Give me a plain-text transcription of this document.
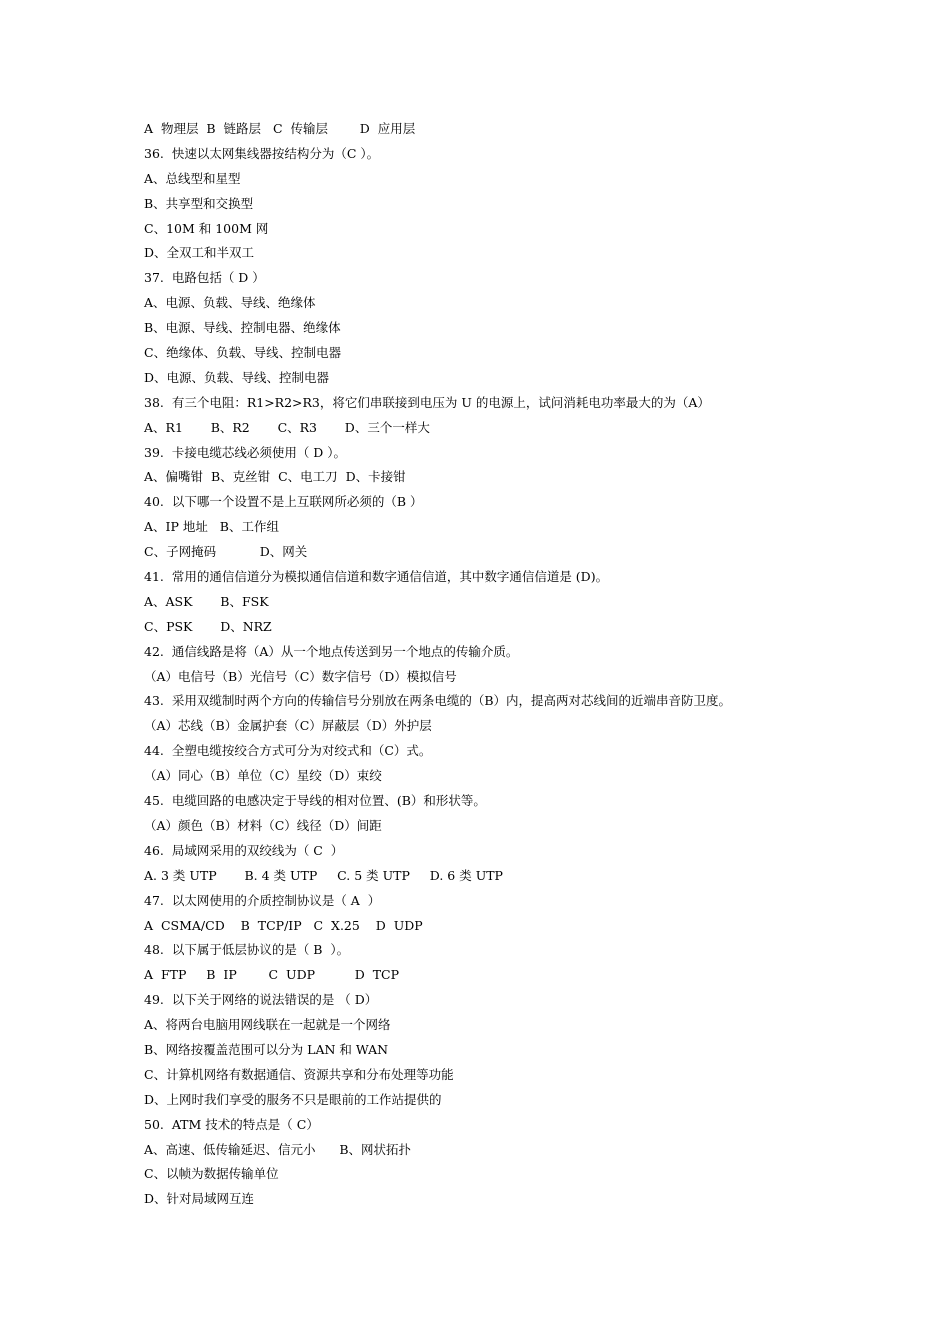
A  物理层  B  链路层   C  传输层        D  应用层
36.  快速以太网集线器按结构分为（C ）。
A、总线型和星型
B、共享型和交换型
C、10M 和 100M 网
D、全双工和半双工
37.  电路包括（ D ）
A、电源、负载、导线、绝缘体
B、电源、导线、控制电器、绝缘体
C、绝缘体、负载、导线、控制电器
D、电源、负载、导线、控制电器
38.  有三个电阻：R1>R2>R3，将它们串联接到电压为 U 的电源上，试问消耗电功率最大的为（A）
A、R1       B、R2       C、R3       D、三个一样大
39.  卡接电缆芯线必须使用（ D ）。
A、偏嘴钳  B、克丝钳  C、电工刀  D、卡接钳
40.  以下哪一个设置不是上互联网所必须的（B ）
A、IP 地址   B、工作组
C、子网掩码           D、网关
41.  常用的通信信道分为模拟通信信道和数字通信信道，其中数字通信信道是 (D)。
A、ASK       B、FSK
C、PSK       D、NRZ
42.  通信线路是将（A）从一个地点传送到另一个地点的传输介质。
（A）电信号（B）光信号（C）数字信号（D）模拟信号
43.  采用双缆制时两个方向的传输信号分别放在两条电缆的（B）内，提高两对芯线间的近端串音防卫度。
（A）芯线（B）金属护套（C）屏蔽层（D）外护层
44.  全塑电缆按绞合方式可分为对绞式和（C）式。
（A）同心（B）单位（C）星绞（D）束绞
45.  电缆回路的电感决定于导线的相对位置、(B）和形状等。
（A）颜色（B）材料（C）线径（D）间距
46.  局域网采用的双绞线为（ C  ）
A. 3 类 UTP       B. 4 类 UTP     C. 5 类 UTP     D. 6 类 UTP
47.  以太网使用的介质控制协议是（ A  ）
A  CSMA/CD    B  TCP/IP   C  X.25    D  UDP
48.  以下属于低层协议的是（ B  ）。
A  FTP     B  IP        C  UDP          D  TCP
49.  以下关于网络的说法错误的是 （ D）
A、将两台电脑用网线联在一起就是一个网络
B、网络按覆盖范围可以分为 LAN 和 WAN
C、计算机网络有数据通信、资源共享和分布处理等功能
D、上网时我们享受的服务不只是眼前的工作站提供的
50.  ATM 技术的特点是（ C）
A、高速、低传输延迟、信元小      B、网状拓扑
C、以帧为数据传输单位
D、针对局域网互连
